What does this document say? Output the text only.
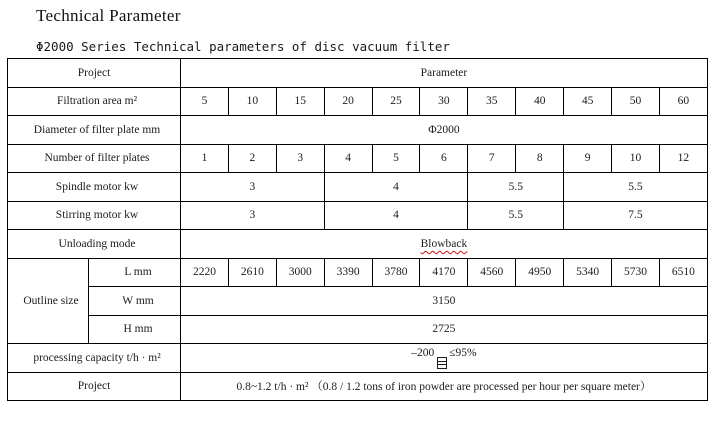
Technical Parameter
Φ2000 Series Technical parameters of disc vacuum filter
Project		Parameter										
Filtration area m²		5	10	15	20	25	30	35	40	45	50	60
Diameter of filter plate mm		Φ2000										
Number of filter plates		1	2	3	4	5	6	7	8	9	10	12
Spindle motor kw		3			4			5.5		5.5		
Stirring motor kw		3			4			5.5		7.5		
Unloading mode		Blowback										
Outline size	L mm	2220	2610	3000	3390	3780	4170	4560	4950	5340	5730	6510
	W mm	3150										
	H mm	2725										
processing capacity t/h · m²		–200 ≤95%										
Project		0.8~1.2 t/h · m² （0.8 / 1.2 tons of iron powder are processed per hour per square meter）										
